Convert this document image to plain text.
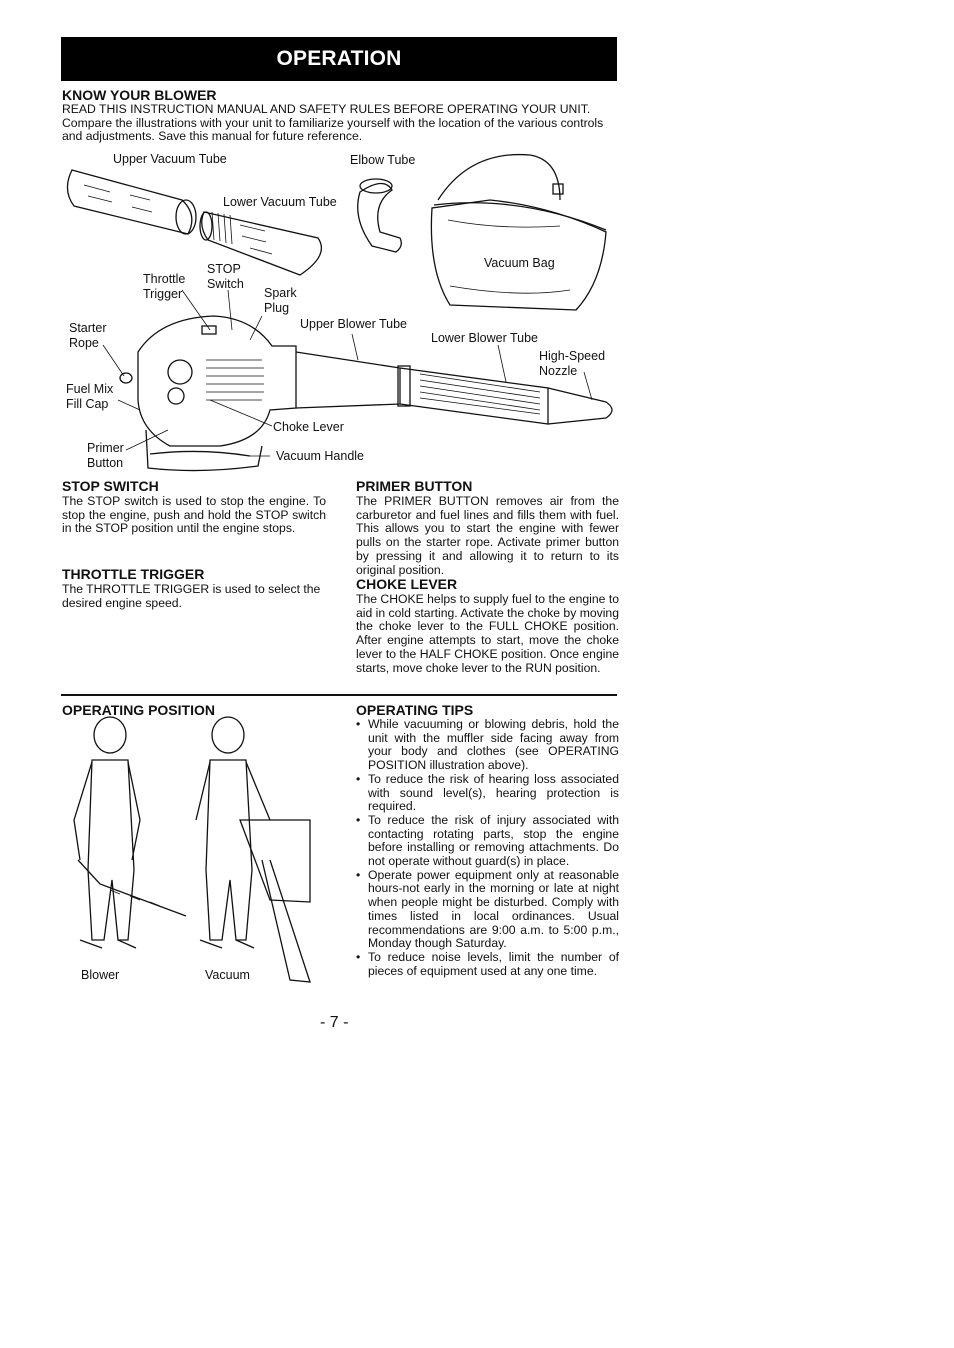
OPERATION
KNOW YOUR BLOWER
READ THIS INSTRUCTION MANUAL AND SAFETY RULES BEFORE OPERATING YOUR UNIT. Compare the illustrations with your unit to familiarize yourself with the location of the various controls and adjustments. Save this manual for future reference.
Upper Vacuum Tube	Elbow Tube
Lower Vacuum Tube
Vacuum Bag
Throttle
Trigger
STOP
Switch
Spark
Plug
Starter
Rope
Upper Blower Tube
Lower Blower Tube
High-Speed
Nozzle
Fuel Mix
Fill Cap
Choke Lever
Primer
Button	Vacuum Handle
STOP SWITCH
The STOP switch is used to stop the engine. To stop the engine, push and hold the STOP switch in the STOP position until the engine stops.
THROTTLE TRIGGER
The THROTTLE TRIGGER is used to select the desired engine speed.
PRIMER BUTTON
The PRIMER BUTTON removes air from the carburetor and fuel lines and fills them with fuel. This allows you to start the engine with fewer pulls on the starter rope. Activate primer button by pressing it and allowing it to return to its original position.
CHOKE LEVER
The CHOKE helps to supply fuel to the engine to aid in cold starting. Activate the choke by moving the choke lever to the FULL CHOKE position. After engine attempts to start, move the choke lever to the HALF CHOKE position. Once engine starts, move choke lever to the RUN position.
OPERATING POSITION
Blower	Vacuum
OPERATING TIPS
• While vacuuming or blowing debris, hold the unit with the muffler side facing away from your body and clothes (see OPERATING POSITION illustration above).
• To reduce the risk of hearing loss associated with sound level(s), hearing protection is required.
• To reduce the risk of injury associated with contacting rotating parts, stop the engine before installing or removing attachments. Do not operate without guard(s) in place.
• Operate power equipment only at reasonable hours-not early in the morning or late at night when people might be disturbed. Comply with times listed in local ordinances. Usual recommendations are 9:00 a.m. to 5:00 p.m., Monday though Saturday.
• To reduce noise levels, limit the number of pieces of equipment used at any one time.
- 7 -
